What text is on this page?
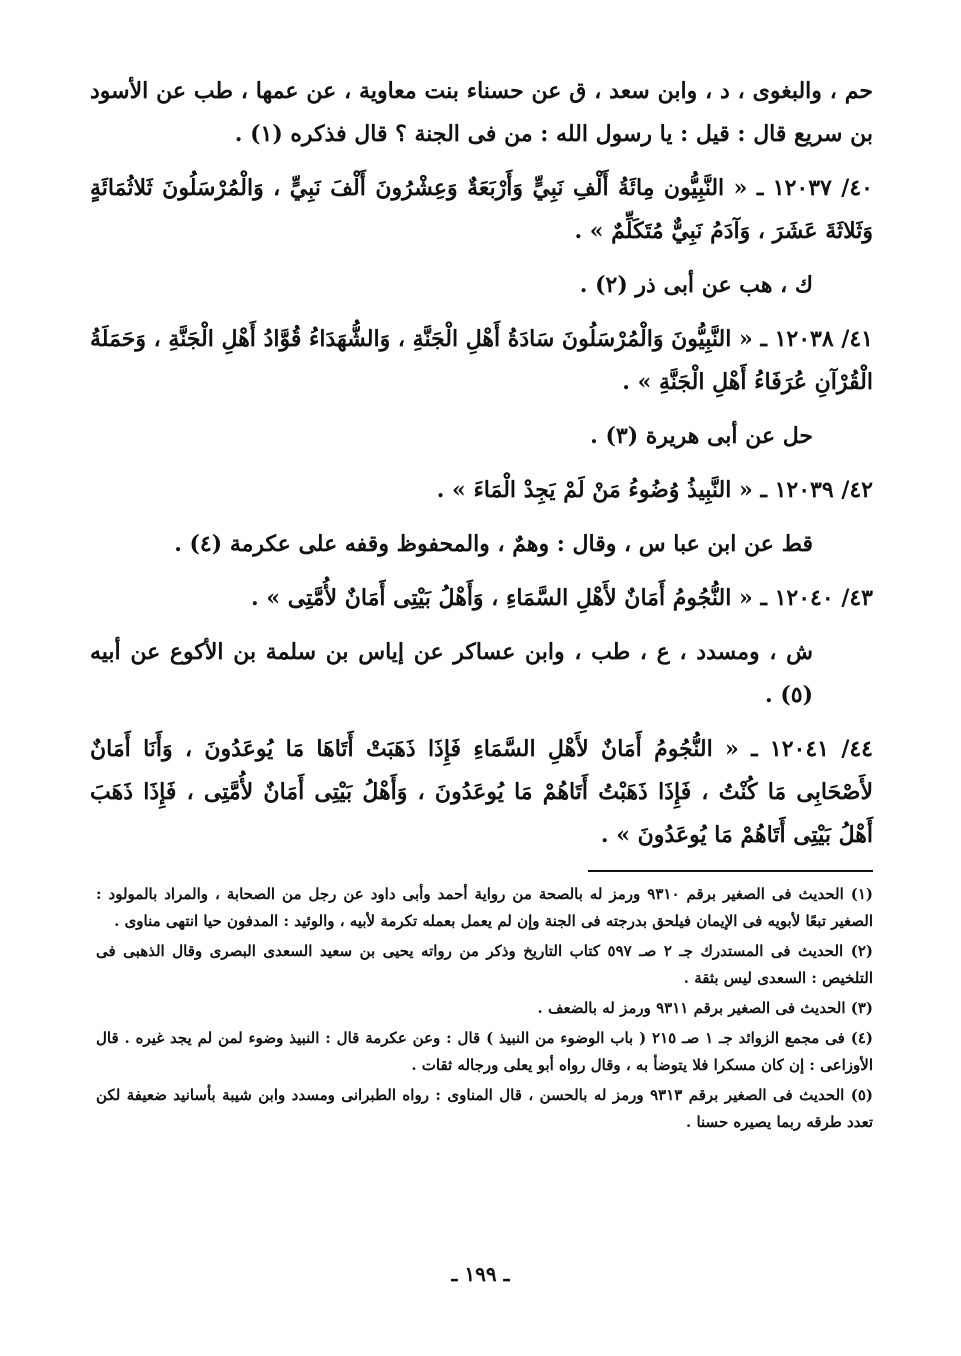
حم ، والبغوى ، د ، وابن سعد ، ق عن حسناء بنت معاوية ، عن عمها ، طب عن الأسود بن سريع قال : قيل : يا رسول الله : من فى الجنة ؟ قال فذكره (١) .

٤٠/ ١٢٠٣٧ ـ « النَّبِيُّون مِائَةُ أَلْفِ نَبِيٍّ وَأَرْبَعَةٌ وَعِشْرُونَ أَلْفَ نَبِيٍّ ، وَالْمُرْسَلُونَ ثَلاثُمَائَةٍ وَثَلاثَةَ عَشَرَ ، وَآدَمُ نَبِيٌّ مُتَكَلِّمٌ » .

ك ، هب عن أبى ذر (٢) .

٤١/ ١٢٠٣٨ ـ « النَّبِيُّونَ وَالْمُرْسَلُونَ سَادَةُ أَهْلِ الْجَنَّةِ ، وَالشُّهَدَاءُ قُوَّادُ أَهْلِ الْجَنَّةِ ، وَحَمَلَةُ الْقُرْآنِ عُرَفَاءُ أَهْلِ الْجَنَّةِ » .

حل عن أبى هريرة (٣) .

٤٢/ ١٢٠٣٩ ـ « النَّبِيذُ وُضُوءُ مَنْ لَمْ يَجِدْ الْمَاءَ » .

قط عن ابن عبا س ، وقال : وهمٌ ، والمحفوظ وقفه على عكرمة (٤) .

٤٣/ ١٢٠٤٠ ـ « النُّجُومُ أَمَانٌ لأَهْلِ السَّمَاءِ ، وَأَهْلُ بَيْتِى أَمَانٌ لأُمَّتِى » .

ش ، ومسدد ، ع ، طب ، وابن عساكر عن إياس بن سلمة بن الأكوع عن أبيه (٥) .

٤٤/ ١٢٠٤١ ـ « النُّجُومُ أَمَانٌ لأَهْلِ السَّمَاءِ فَإِذَا ذَهَبَتْ أَتَاهَا مَا يُوعَدُونَ ، وَأَنَا أَمَانٌ لأَصْحَابِى مَا كُنْتُ ، فَإِذَا ذَهَبْتُ أَتَاهُمْ مَا يُوعَدُونَ ، وَأَهْلُ بَيْتِى أَمَانٌ لأُمَّتِى ، فَإِذَا ذَهَبَ أَهْلُ بَيْتِى أَتَاهُمْ مَا يُوعَدُونَ » .

(١) الحديث فى الصغير برقم ٩٣١٠ ورمز له بالصحة من رواية أحمد وأبى داود عن رجل من الصحابة ، والمراد بالمولود : الصغير تبعًا لأبويه فى الإيمان فيلحق بدرجته فى الجنة وإن لم يعمل بعمله تكرمة لأبيه ، والوئيد : المدفون حيا انتهى مناوى .

(٢) الحديث فى المستدرك جـ ٢ صـ ٥٩٧ كتاب التاريخ وذكر من رواته يحيى بن سعيد السعدى البصرى وقال الذهبى فى التلخيص : السعدى ليس بثقة .

(٣) الحديث فى الصغير برقم ٩٣١١ ورمز له بالضعف .

(٤) فى مجمع الزوائد جـ ١ صـ ٢١٥ ( باب الوضوء من النبيذ ) قال : وعن عكرمة قال : النبيذ وضوء لمن لم يجد غيره . قال الأوزاعى : إن كان مسكرا فلا يتوضأ به ، وقال رواه أبو يعلى ورجاله ثقات .

(٥) الحديث فى الصغير برقم ٩٣١٣ ورمز له بالحسن ، قال المناوى : رواه الطبرانى ومسدد وابن شيبة بأسانيد ضعيفة لكن تعدد طرقه ربما يصيره حسنا .

ـ ١٩٩ ـ
